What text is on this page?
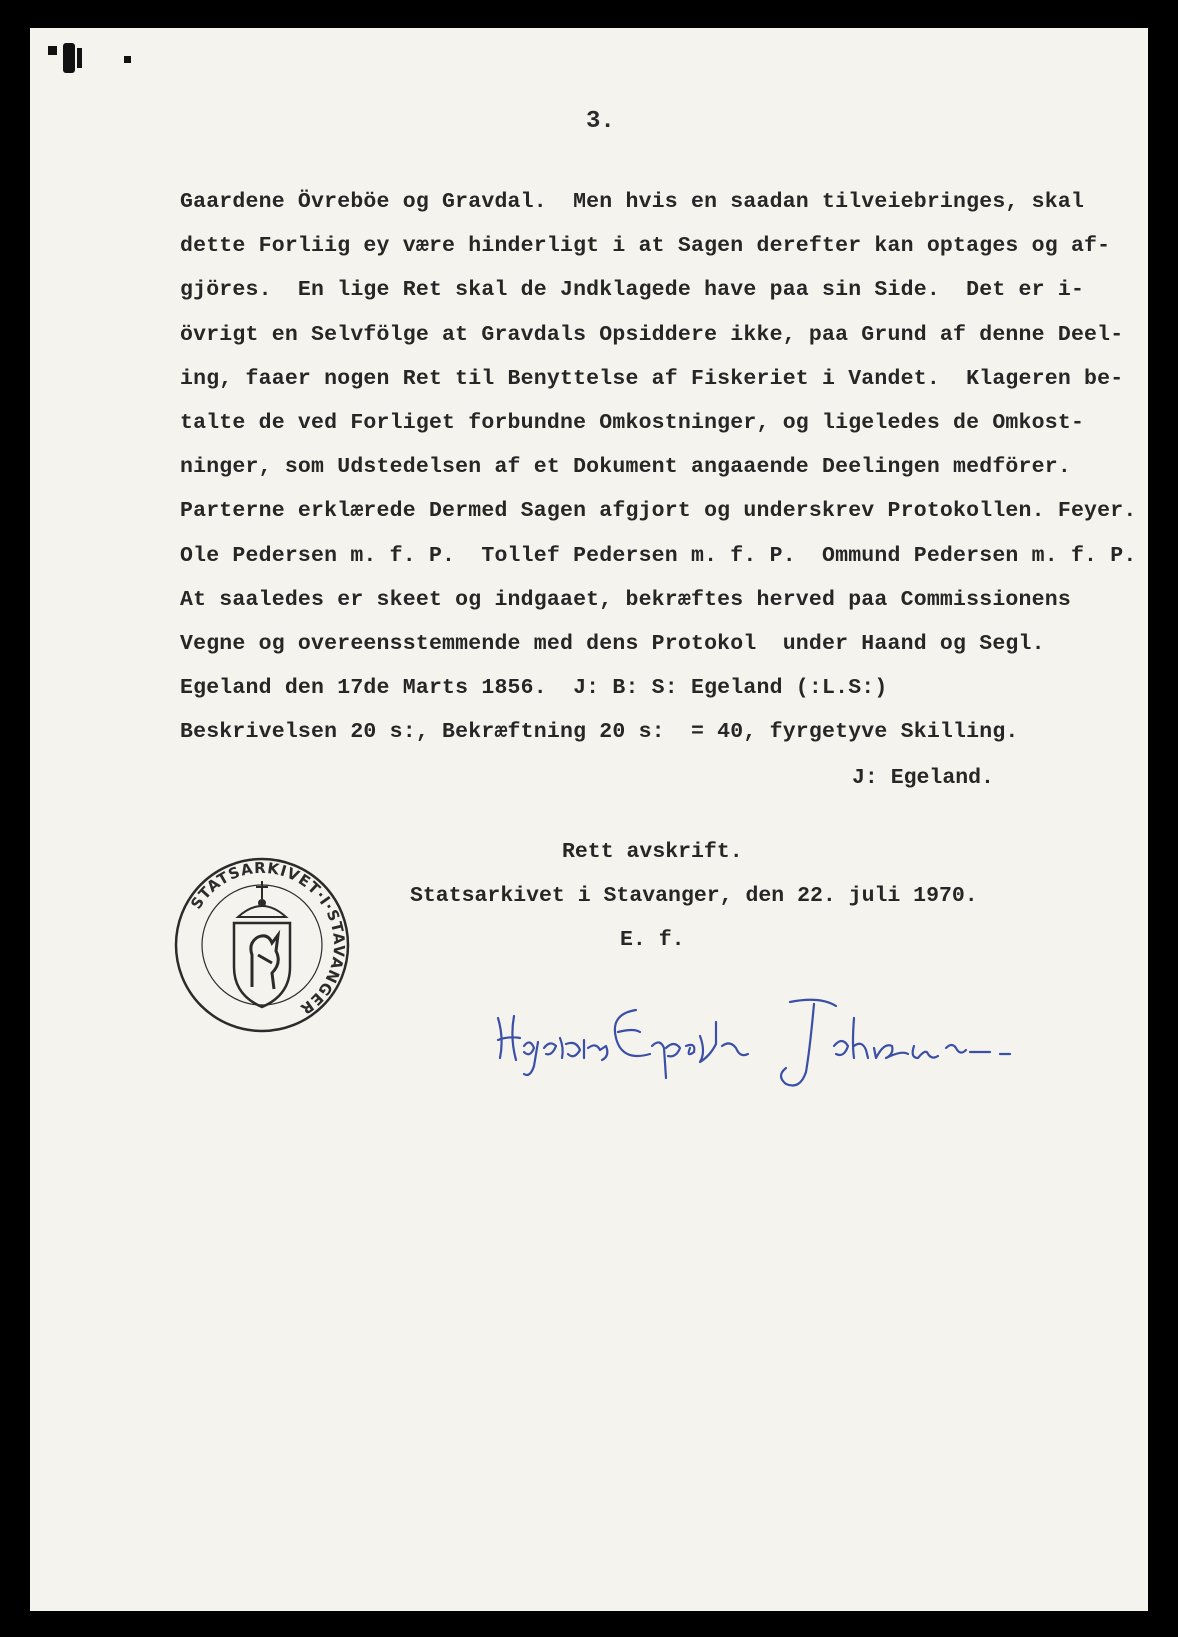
3.
Gaardene Övreböe og Gravdal.  Men hvis en saadan tilveiebringes, skal
dette Forliig ey være hinderligt i at Sagen derefter kan optages og af-
gjöres.  En lige Ret skal de Jndklagede have paa sin Side.  Det er i-
övrigt en Selvfölge at Gravdals Opsiddere ikke, paa Grund af denne Deel-
ing, faaer nogen Ret til Benyttelse af Fiskeriet i Vandet.  Klageren be-
talte de ved Forliget forbundne Omkostninger, og ligeledes de Omkost-
ninger, som Udstedelsen af et Dokument angaaende Deelingen medförer.
Parterne erklærede Dermed Sagen afgjort og underskrev Protokollen. Feyer.
Ole Pedersen m. f. P.  Tollef Pedersen m. f. P.  Ommund Pedersen m. f. P.
At saaledes er skeet og indgaaet, bekræftes herved paa Commissionens
Vegne og overeensstemmende med dens Protokol  under Haand og Segl.
Egeland den 17de Marts 1856.  J: B: S: Egeland (:L.S:)
Beskrivelsen 20 s:, Bekræftning 20 s:  = 40, fyrgetyve Skilling.
J: Egeland.
STATSARKIVET·I·STAVANGER

Rett avskrift.

Statsarkivet i Stavanger, den 22. juli 1970.

E. f.
